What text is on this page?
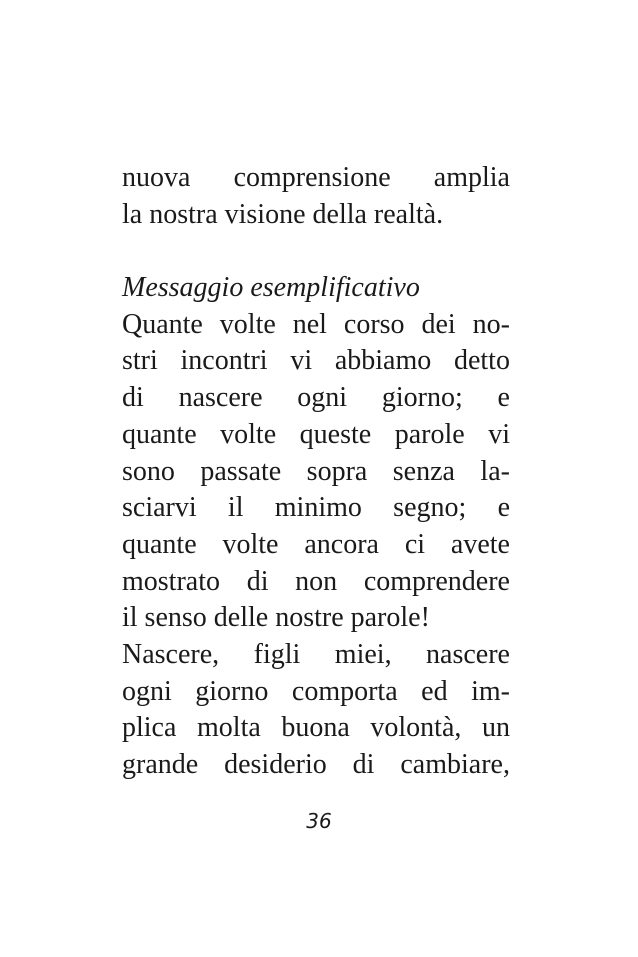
nuova comprensione amplia
la nostra visione della realtà.
Messaggio esemplificativo
Quante volte nel corso dei no-
stri incontri vi abbiamo detto
di nascere ogni giorno; e
quante volte queste parole vi
sono passate sopra senza la-
sciarvi il minimo segno; e
quante volte ancora ci avete
mostrato di non comprendere
il senso delle nostre parole!
Nascere, figli miei, nascere
ogni giorno comporta ed im-
plica molta buona volontà, un
grande desiderio di cambiare,
36
